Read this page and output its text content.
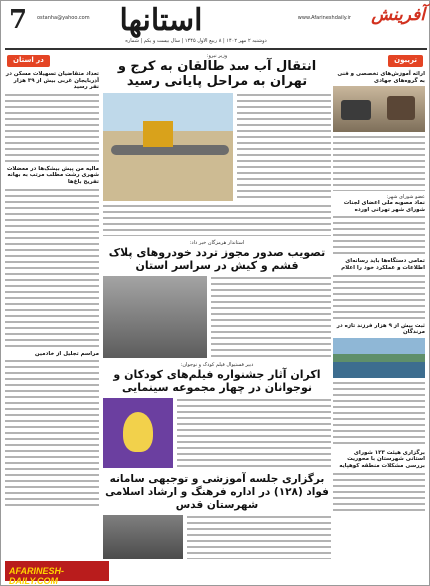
7	ostanha@yahoo.com استانها	www.Afarineshdaily.ir آفرینش
دوشنبه ۲ مهر ۱۴۰۲ | ۸ ربیع الاول ۱۴۴۵ | سال بیست و یکم | شماره
تریبون
در استان
ارائه آموزش‌های تخصصی و فنی به گروه‌های جهادی
عضو شورای شهر:
نماد مصوبه ملی اعضای لجنات شورای شهر تهرانی اورده
تمامی دستگاه‌ها باید رسانه‌ای اطلاعات و عملکرد خود را اعلام
ثبت بیش از ۹ هزار فرزند تازه در مرندگان
برگزاری هیئت ۱۲۳ شورای استانی شهرستان با محوریت بررسی مشکلات منطقه کوهپایه
وزیر نیرو:
انتقال آب سد طالقان به کرج و تهران به مراحل پایانی رسید
استاندار هرمزگان خبر داد:
تصویب صدور مجوز تردد خودروهای پلاک قشم و کیش در سراسر استان
دبیر فستیوال فیلم کودک و نوجوان:
اکران آثار جشنواره فیلم‌های کودکان و نوجوانان در چهار مجموعه سینمایی
برگزاری جلسه آموزشی و توجیهی سامانه فواد (۱۲۸) در اداره فرهنگ و ارشاد اسلامی شهرستان قدس
تعداد متقاضیان تسهیلات مسکن در آذربایجان غربی بیش از ۳۹ هزار نفر رسید
مالیه من پیش بیشک‌ها در معضلات شهری رشت مطلب مرتب به بهانه تفریح باغ‌ها
مراسم تجلیل از خادمین
AFARINESH-DAILY.COM
